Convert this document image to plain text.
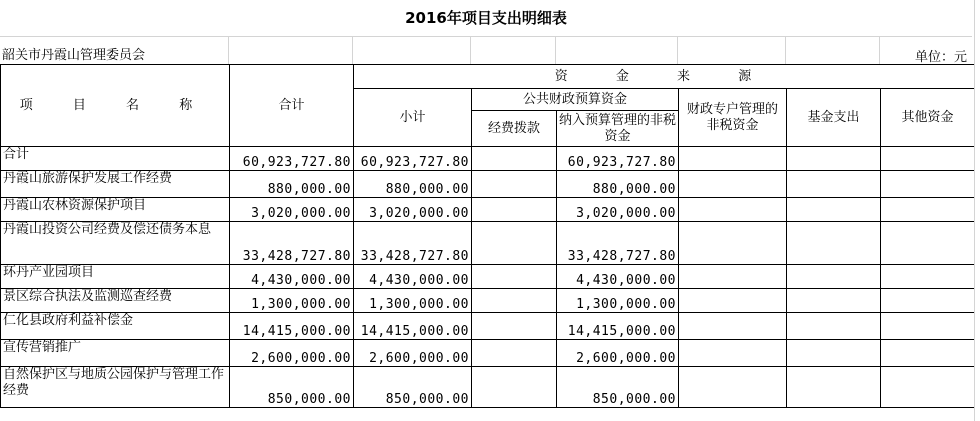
2016年项目支出明细表
韶关市丹霞山管理委员会	单位：元
项 目 名 称	合计	资 金 来 源					
		小计	公共财政预算资金		财政专户管理的非税资金	基金支出	其他资金
			经费拨款	纳入预算管理的非税资金			
合计	60,923,727.80	60,923,727.80		60,923,727.80			
丹霞山旅游保护发展工作经费	880,000.00	880,000.00		880,000.00			
丹霞山农林资源保护项目	3,020,000.00	3,020,000.00		3,020,000.00			
丹霞山投资公司经费及偿还债务本息	33,428,727.80	33,428,727.80		33,428,727.80			
环丹产业园项目	4,430,000.00	4,430,000.00		4,430,000.00			
景区综合执法及监测巡查经费	1,300,000.00	1,300,000.00		1,300,000.00			
仁化县政府利益补偿金	14,415,000.00	14,415,000.00		14,415,000.00			
宣传营销推广	2,600,000.00	2,600,000.00		2,600,000.00			
自然保护区与地质公园保护与管理工作经费	850,000.00	850,000.00		850,000.00			
